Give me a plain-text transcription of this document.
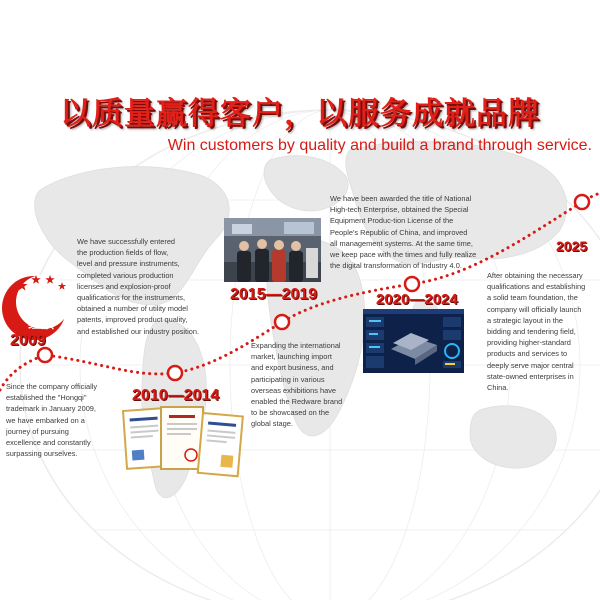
以质量赢得客户，以服务成就品牌
Win customers by quality and build a brand through service.
红旗
2009
2010—2014
2015—2019	2020—2024
2025
Since the company officially
established the "Hongqi"
trademark in January 2009,
we have embarked on a
journey of pursuing
excellence and constantly
surpassing ourselves.
We have successfully entered
the production fields of flow,
level and pressure instruments,
completed various production
licenses and explosion-proof
qualifications for the instruments,
obtained a number of utility model
patents, improved product quality,
and established our industry position.
Expanding the international
market, launching import
and export business, and
participating in various
overseas exhibitions have
enabled the Redware brand
to be showcased on the
global stage.
We have been awarded the title of National
High-tech Enterprise, obtained the Special
Equipment Produc-tion License of the
People's Republic of China, and improved
all management systems. At the same time,
we keep pace with the times and fully realize
the digital transformation of Industry 4.0.
After obtaining the necessary
qualifications and establishing
a solid team foundation, the
company will officially launch
a strategic layout in the
bidding and tendering field,
providing higher-standard
products and services to
deeply serve major central
state-owned enterprises in
China.
